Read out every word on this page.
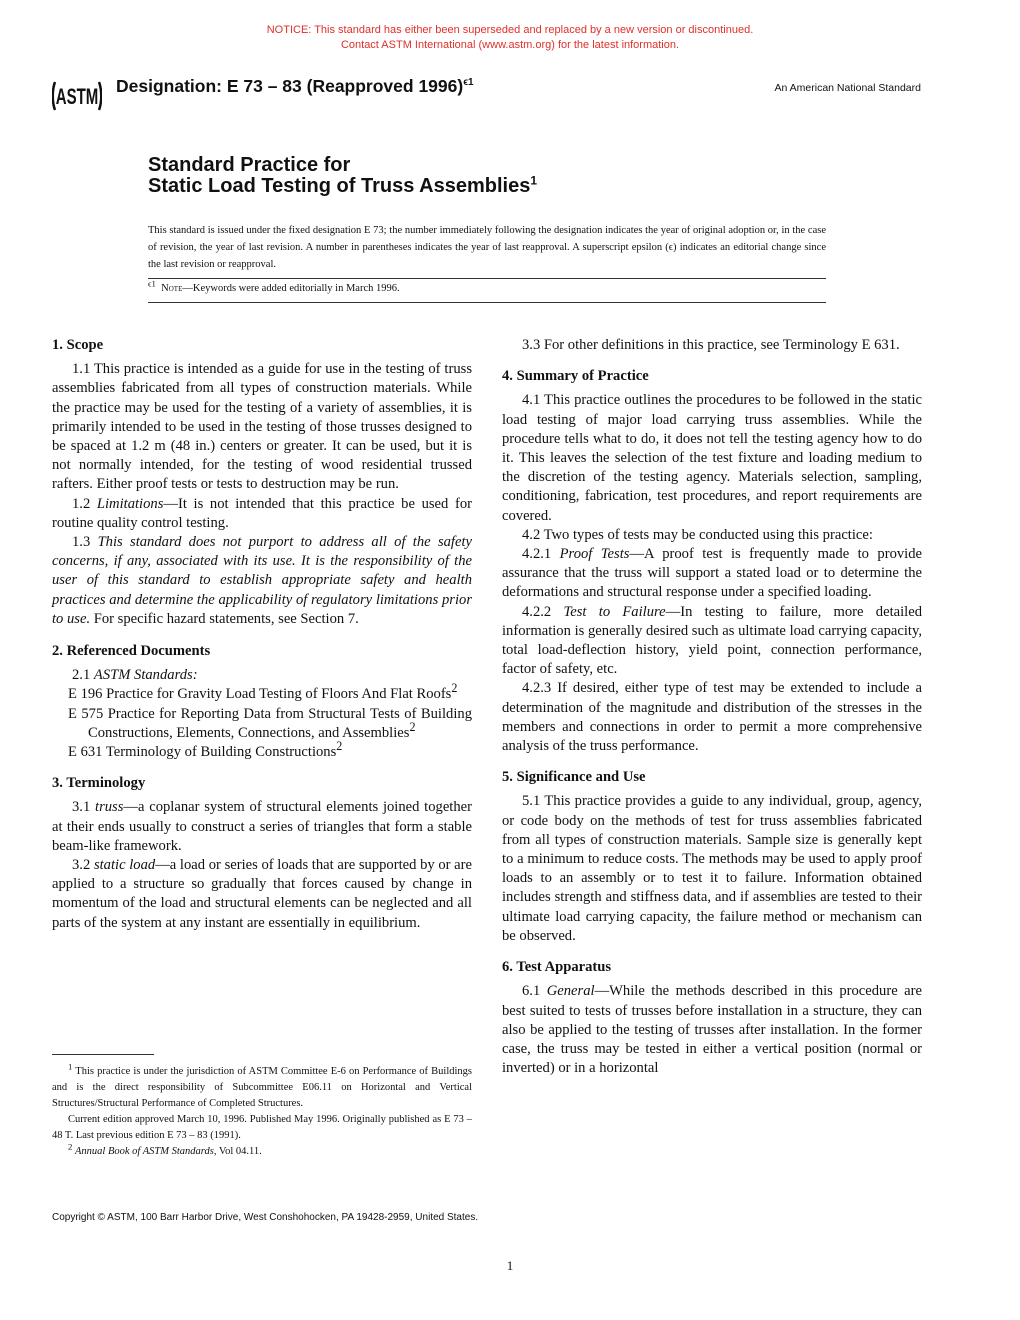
NOTICE: This standard has either been superseded and replaced by a new version or discontinued.
Contact ASTM International (www.astm.org) for the latest information.
ASTM Designation: E 73 – 83 (Reapproved 1996)$^{\epsilon 1}$	An American National Standard
Standard Practice for
Static Load Testing of Truss Assemblies$^1$
This standard is issued under the fixed designation E 73; the number immediately following the designation indicates the year of original adoption or, in the case of revision, the year of last revision. A number in parentheses indicates the year of last reapproval. A superscript epsilon (ϵ) indicates an editorial change since the last revision or reapproval.
$^{\epsilon 1}$ Note—Keywords were added editorially in March 1996.
1. Scope

1.1 This practice is intended as a guide for use in the testing of truss assemblies fabricated from all types of construction materials. While the practice may be used for the testing of a variety of assemblies, it is primarily intended to be used in the testing of those trusses designed to be spaced at 1.2 m (48 in.) centers or greater. It can be used, but it is not normally intended, for the testing of wood residential trussed rafters. Either proof tests or tests to destruction may be run.

1.2 Limitations—It is not intended that this practice be used for routine quality control testing.

1.3 This standard does not purport to address all of the safety concerns, if any, associated with its use. It is the responsibility of the user of this standard to establish appropriate safety and health practices and determine the applicability of regulatory limitations prior to use. For specific hazard statements, see Section 7.

2. Referenced Documents

2.1 ASTM Standards:

E 196 Practice for Gravity Load Testing of Floors And Flat Roofs$^2$

E 575 Practice for Reporting Data from Structural Tests of Building Constructions, Elements, Connections, and Assemblies$^2$

E 631 Terminology of Building Constructions$^2$

3. Terminology

3.1 truss—a coplanar system of structural elements joined together at their ends usually to construct a series of triangles that form a stable beam-like framework.

3.2 static load—a load or series of loads that are supported by or are applied to a structure so gradually that forces caused by change in momentum of the load and structural elements can be neglected and all parts of the system at any instant are essentially in equilibrium.

3.3 For other definitions in this practice, see Terminology E 631.

4. Summary of Practice

4.1 This practice outlines the procedures to be followed in the static load testing of major load carrying truss assemblies. While the procedure tells what to do, it does not tell the testing agency how to do it. This leaves the selection of the test fixture and loading medium to the discretion of the testing agency. Materials selection, sampling, conditioning, fabrication, test procedures, and report requirements are covered.

4.2 Two types of tests may be conducted using this practice:

4.2.1 Proof Tests—A proof test is frequently made to provide assurance that the truss will support a stated load or to determine the deformations and structural response under a specified loading.

4.2.2 Test to Failure—In testing to failure, more detailed information is generally desired such as ultimate load carrying capacity, total load-deflection history, yield point, connection performance, factor of safety, etc.

4.2.3 If desired, either type of test may be extended to include a determination of the magnitude and distribution of the stresses in the members and connections in order to permit a more comprehensive analysis of the truss performance.

5. Significance and Use

5.1 This practice provides a guide to any individual, group, agency, or code body on the methods of test for truss assemblies fabricated from all types of construction materials. Sample size is generally kept to a minimum to reduce costs. The methods may be used to apply proof loads to an assembly or to test it to failure. Information obtained includes strength and stiffness data, and if assemblies are tested to their ultimate load carrying capacity, the failure method or mechanism can be observed.

6. Test Apparatus

6.1 General—While the methods described in this procedure are best suited to tests of trusses before installation in a structure, they can also be applied to the testing of trusses after installation. In the former case, the truss may be tested in either a vertical position (normal or inverted) or in a horizontal

$^1$ This practice is under the jurisdiction of ASTM Committee E-6 on Performance of Buildings and is the direct responsibility of Subcommittee E06.11 on Horizontal and Vertical Structures/Structural Performance of Completed Structures.

Current edition approved March 10, 1996. Published May 1996. Originally published as E 73 – 48 T. Last previous edition E 73 – 83 (1991).

$^2$ Annual Book of ASTM Standards, Vol 04.11.

Copyright © ASTM, 100 Barr Harbor Drive, West Conshohocken, PA 19428-2959, United States.
1
